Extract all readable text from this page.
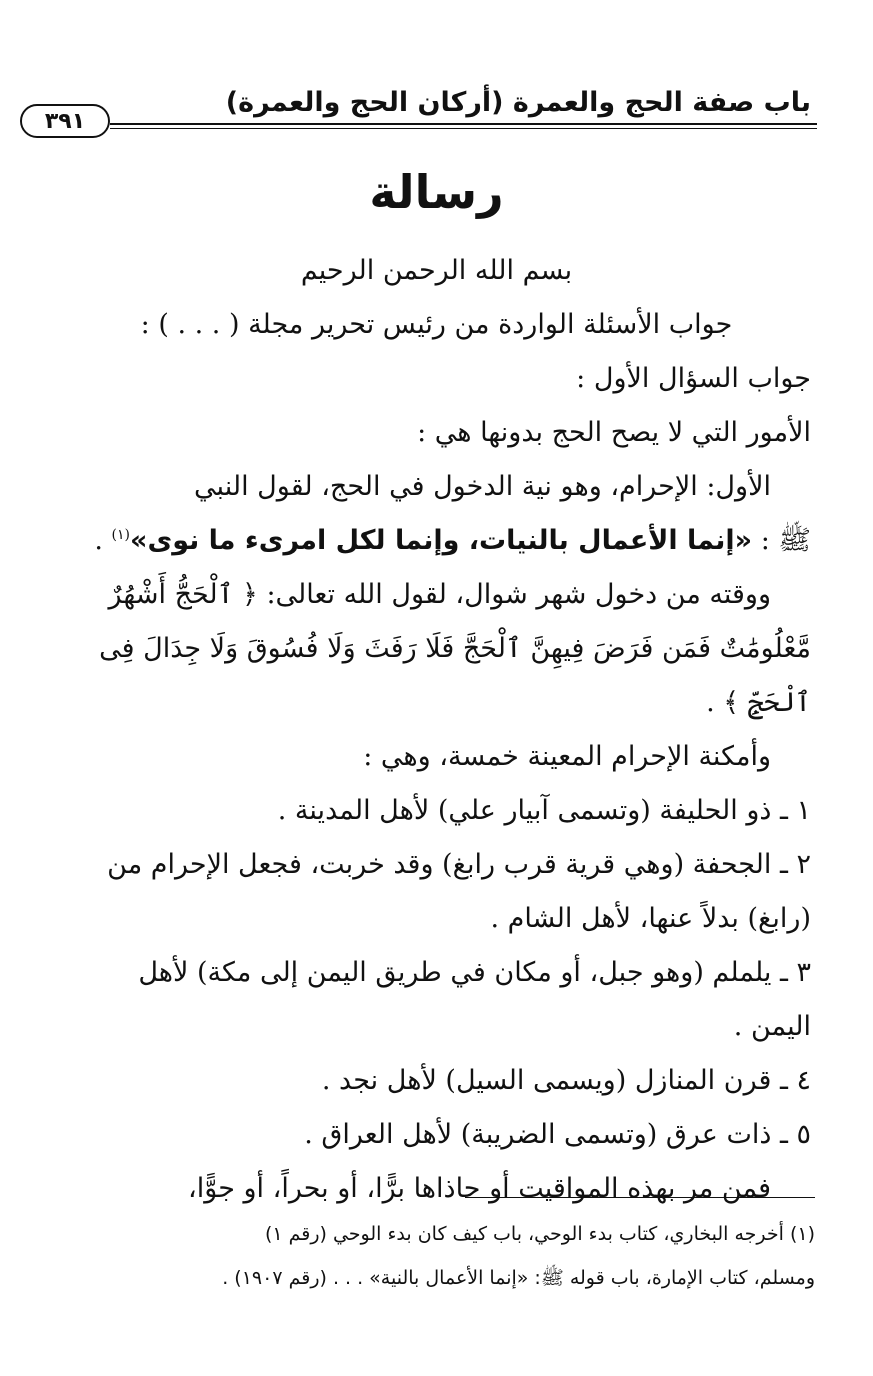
باب صفة الحج والعمرة (أركان الحج والعمرة)
٣٩١
رسالة
بسم الله الرحمن الرحيم
جواب الأسئلة الواردة من رئيس تحرير مجلة ( . . . ) :
جواب السؤال الأول :
الأمور التي لا يصح الحج بدونها هي :
الأول: الإحرام، وهو نية الدخول في الحج، لقول النبي
ﷺ : «إنما الأعمال بالنيات، وإنما لكل امرىء ما نوى»$^{(١)}$ .
ووقته من دخول شهر شوال، لقول الله تعالى: ﴿ ٱلْحَجُّ أَشْهُرٌ
مَّعْلُومَٰتٌ فَمَن فَرَضَ فِيهِنَّ ٱلْحَجَّ فَلَا رَفَثَ وَلَا فُسُوقَ وَلَا جِدَالَ فِى
ٱلْحَجِّ ﴾ .
وأمكنة الإحرام المعينة خمسة، وهي :
١ ـ ذو الحليفة (وتسمى آبيار علي) لأهل المدينة .
٢ ـ الجحفة (وهي قرية قرب رابغ) وقد خربت، فجعل الإحرام من
(رابغ) بدلاً عنها، لأهل الشام .
٣ ـ يلملم (وهو جبل، أو مكان في طريق اليمن إلى مكة) لأهل
اليمن .
٤ ـ قرن المنازل (ويسمى السيل) لأهل نجد .
٥ ـ ذات عرق (وتسمى الضريبة) لأهل العراق .
فمن مر بهذه المواقيت أو حاذاها برًّا، أو بحراً، أو جوًّا،
(١) أخرجه البخاري، كتاب بدء الوحي، باب كيف كان بدء الوحي (رقم ١)
ومسلم، كتاب الإمارة، باب قوله ﷺ: «إنما الأعمال بالنية» . . . (رقم ١٩٠٧) .
